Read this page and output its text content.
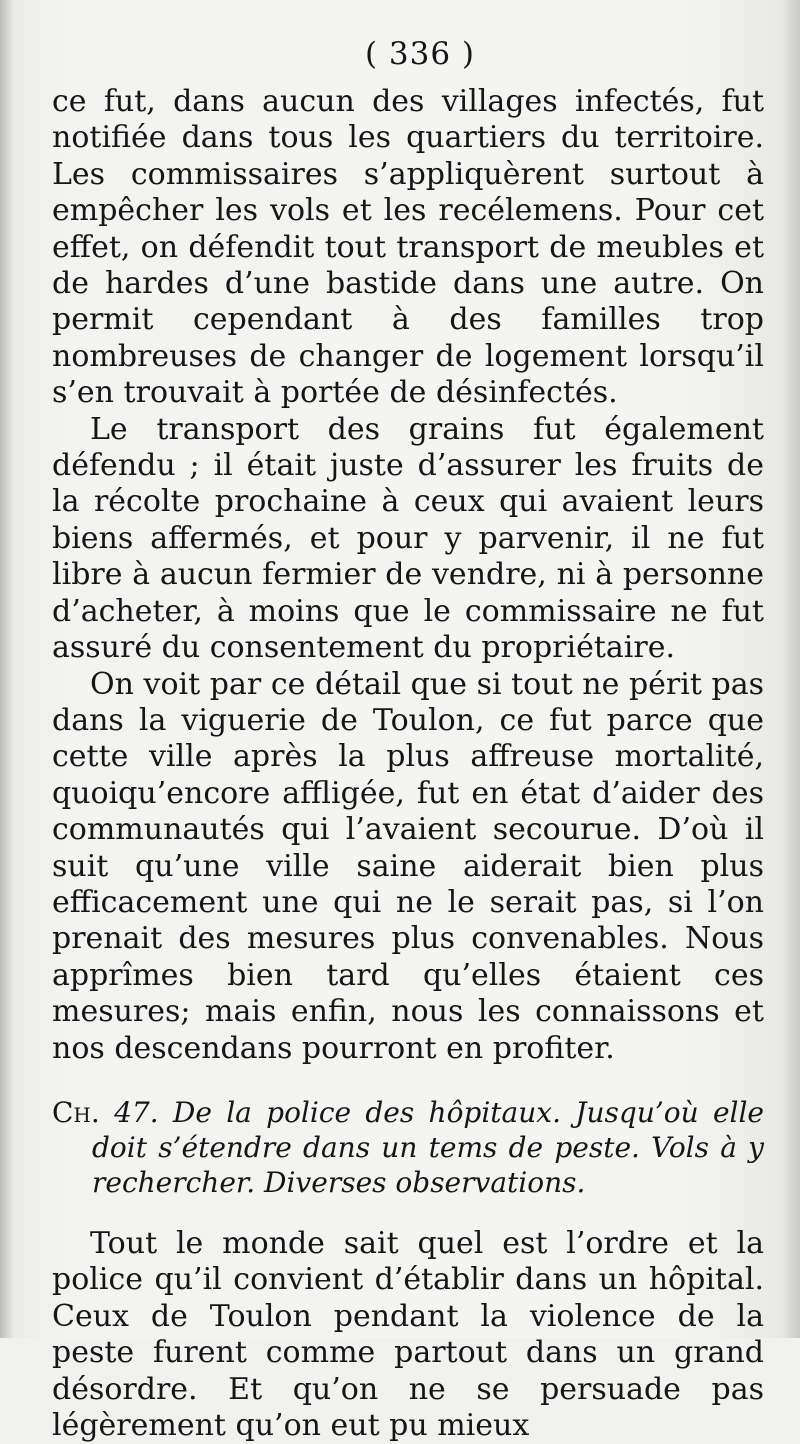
( 336 )

ce fut, dans aucun des villages infectés, fut notifiée dans tous les quartiers du territoire. Les commissaires s’appliquèrent surtout à empêcher les vols et les recélemens. Pour cet effet, on défendit tout transport de meubles et de hardes d’une bastide dans une autre. On permit cependant à des familles trop nombreuses de changer de logement lorsqu’il s’en trouvait à portée de désinfectés.

Le transport des grains fut également défendu ; il était juste d’assurer les fruits de la récolte prochaine à ceux qui avaient leurs biens affermés, et pour y parvenir, il ne fut libre à aucun fermier de vendre, ni à personne d’acheter, à moins que le commissaire ne fut assuré du consentement du propriétaire.

On voit par ce détail que si tout ne périt pas dans la viguerie de Toulon, ce fut parce que cette ville après la plus affreuse mortalité, quoiqu’encore affligée, fut en état d’aider des communautés qui l’avaient secourue. D’où il suit qu’une ville saine aiderait bien plus efficacement une qui ne le serait pas, si l’on prenait des mesures plus convenables. Nous apprîmes bien tard qu’elles étaient ces mesures; mais enfin, nous les connaissons et nos descendans pourront en profiter.

Ch. 47. De la police des hôpitaux. Jusqu’où elle doit s’étendre dans un tems de peste. Vols à y rechercher. Diverses observations.

Tout le monde sait quel est l’ordre et la police qu’il convient d’établir dans un hôpital. Ceux de Toulon pendant la violence de la peste furent comme partout dans un grand désordre. Et qu’on ne se persuade pas légèrement qu’on eut pu mieux
